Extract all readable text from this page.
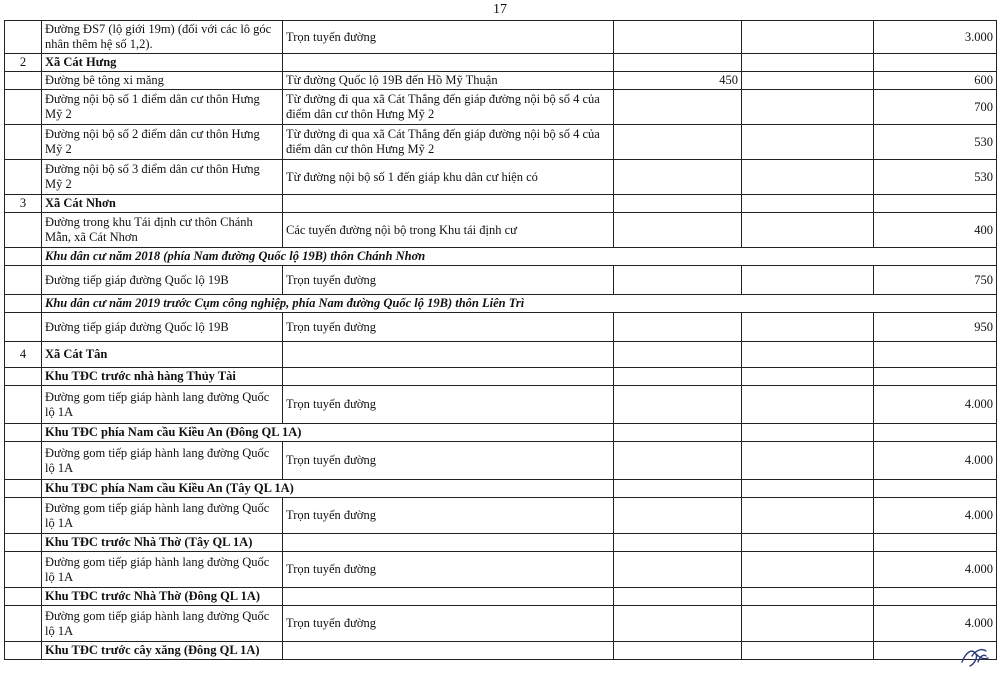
17
	Đường ĐS7 (lộ giới 19m) (đối với các lô góc nhân thêm hệ số 1,2).	Trọn tuyến đường			3.000
2	Xã Cát Hưng				
	Đường bê tông xi măng	Từ đường Quốc lộ 19B đến Hồ Mỹ Thuận	450		600
	Đường nội bộ số 1 điểm dân cư thôn Hưng Mỹ 2	Từ đường đi qua xã Cát Thắng đến giáp đường nội bộ số 4 của điểm dân cư thôn Hưng Mỹ 2			700
	Đường nội bộ số 2 điểm dân cư thôn Hưng Mỹ 2	Từ đường đi qua xã Cát Thắng đến giáp đường nội bộ số 4 của điểm dân cư thôn Hưng Mỹ 2			530
	Đường nội bộ số 3 điểm dân cư thôn Hưng Mỹ 2	Từ đường nội bộ số 1 đến giáp khu dân cư hiện có			530
3	Xã Cát Nhơn				
	Đường trong khu Tái định cư thôn Chánh Mẫn, xã Cát Nhơn	Các tuyến đường nội bộ trong Khu tái định cư			400
	Khu dân cư năm 2018 (phía Nam đường Quốc lộ 19B) thôn Chánh Nhơn				
	Đường tiếp giáp đường Quốc lộ 19B	Trọn tuyến đường			750
	Khu dân cư năm 2019 trước Cụm công nghiệp, phía Nam đường Quốc lộ 19B) thôn Liên Trì				
	Đường tiếp giáp đường Quốc lộ 19B	Trọn tuyến đường			950
4	Xã Cát Tân				
	Khu TĐC trước nhà hàng Thủy Tài				
	Đường gom tiếp giáp hành lang đường Quốc lộ 1A	Trọn tuyến đường			4.000
	Khu TĐC phía Nam cầu Kiều An (Đông QL 1A)				
	Đường gom tiếp giáp hành lang đường Quốc lộ 1A	Trọn tuyến đường			4.000
	Khu TĐC phía Nam cầu Kiều An (Tây QL 1A)				
	Đường gom tiếp giáp hành lang đường Quốc lộ 1A	Trọn tuyến đường			4.000
	Khu TĐC trước Nhà Thờ (Tây QL 1A)				
	Đường gom tiếp giáp hành lang đường Quốc lộ 1A	Trọn tuyến đường			4.000
	Khu TĐC trước Nhà Thờ (Đông QL 1A)				
	Đường gom tiếp giáp hành lang đường Quốc lộ 1A	Trọn tuyến đường			4.000
	Khu TĐC trước cây xăng (Đông QL 1A)				
